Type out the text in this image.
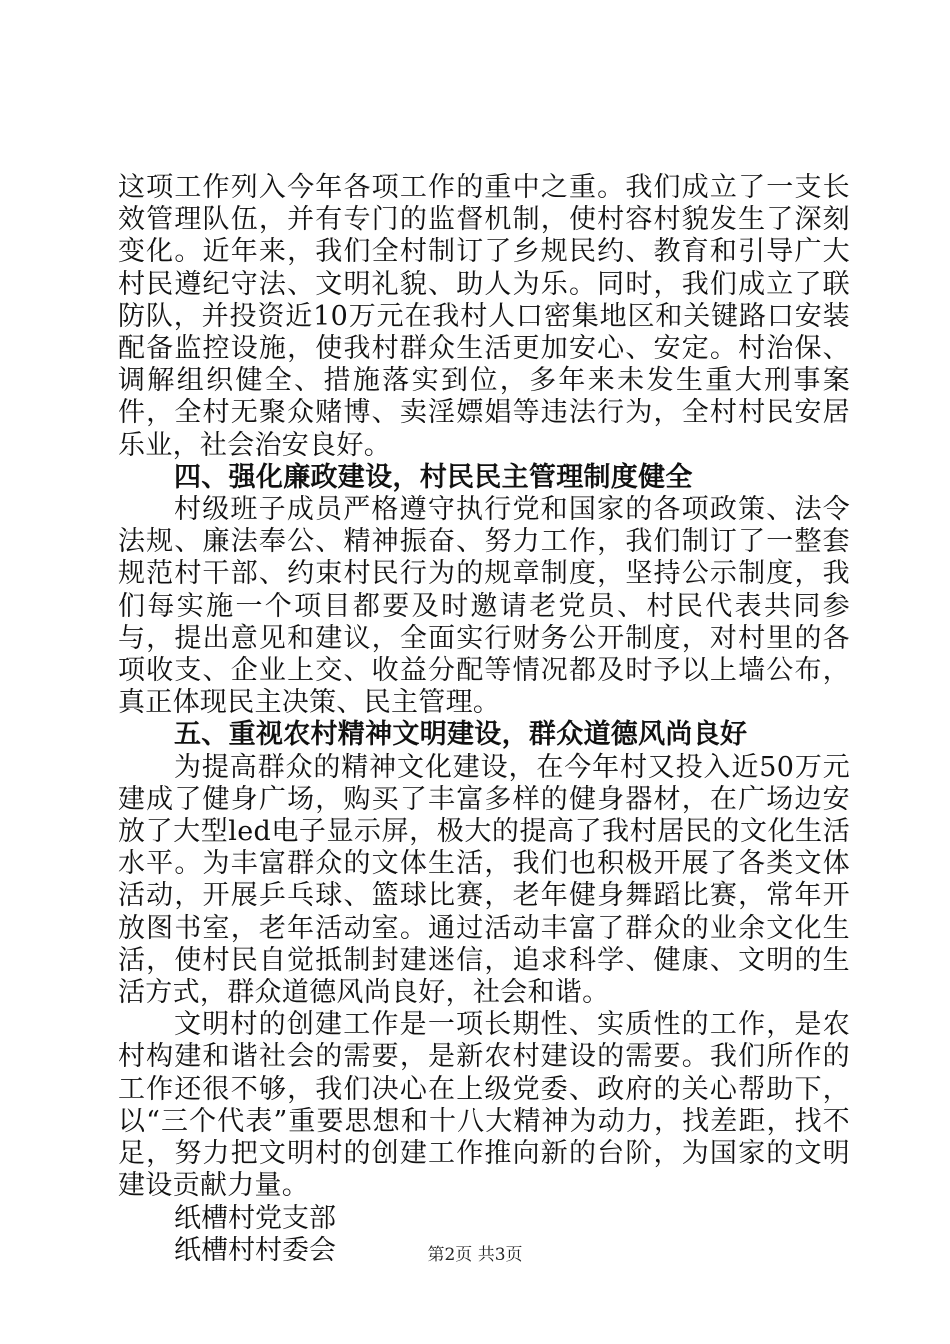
这项工作列入今年各项工作的重中之重。我们成立了一支长效管理队伍，并有专门的监督机制，使村容村貌发生了深刻变化。近年来，我们全村制订了乡规民约、教育和引导广大村民遵纪守法、文明礼貌、助人为乐。同时，我们成立了联防队，并投资近10万元在我村人口密集地区和关键路口安装配备监控设施，使我村群众生活更加安心、安定。村治保、调解组织健全、措施落实到位，多年来未发生重大刑事案件，全村无聚众赌博、卖淫嫖娼等违法行为，全村村民安居乐业，社会治安良好。

四、强化廉政建设，村民民主管理制度健全

村级班子成员严格遵守执行党和国家的各项政策、法令法规、廉法奉公、精神振奋、努力工作，我们制订了一整套规范村干部、约束村民行为的规章制度，坚持公示制度，我们每实施一个项目都要及时邀请老党员、村民代表共同参与，提出意见和建议，全面实行财务公开制度，对村里的各项收支、企业上交、收益分配等情况都及时予以上墙公布，真正体现民主决策、民主管理。

五、重视农村精神文明建设，群众道德风尚良好

为提高群众的精神文化建设，在今年村又投入近50万元建成了健身广场，购买了丰富多样的健身器材，在广场边安放了大型led电子显示屏，极大的提高了我村居民的文化生活水平。为丰富群众的文体生活，我们也积极开展了各类文体活动，开展乒乓球、篮球比赛，老年健身舞蹈比赛，常年开放图书室，老年活动室。通过活动丰富了群众的业余文化生活，使村民自觉抵制封建迷信，追求科学、健康、文明的生活方式，群众道德风尚良好，社会和谐。

文明村的创建工作是一项长期性、实质性的工作，是农村构建和谐社会的需要，是新农村建设的需要。我们所作的工作还很不够，我们决心在上级党委、政府的关心帮助下，以“三个代表”重要思想和十八大精神为动力，找差距，找不足，努力把文明村的创建工作推向新的台阶，为国家的文明建设贡献力量。

纸槽村党支部

纸槽村村委会	第2页 共3页
